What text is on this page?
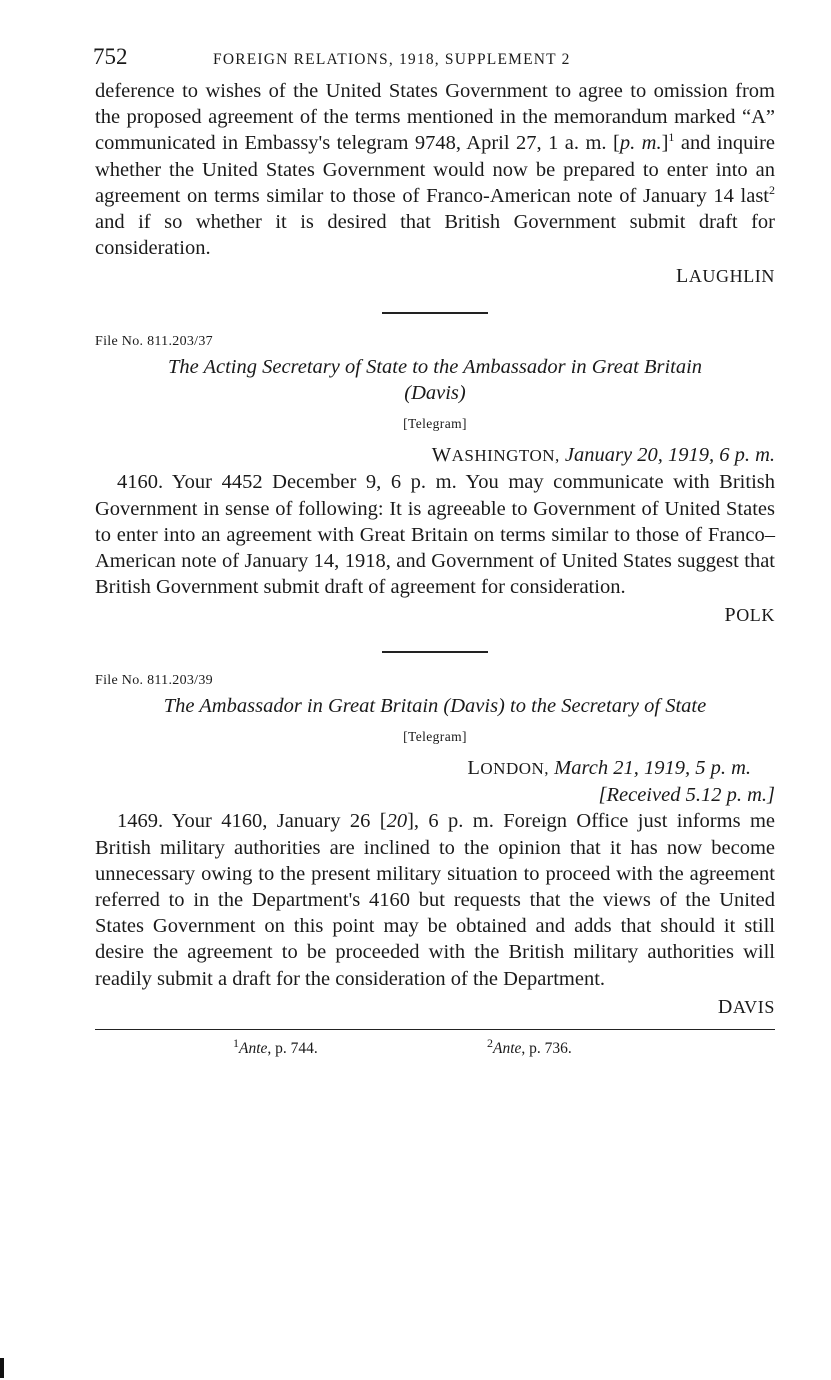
752	FOREIGN RELATIONS, 1918, SUPPLEMENT 2

deference to wishes of the United States Government to agree to omission from the proposed agreement of the terms mentioned in the memorandum marked “A” communicated in Embassy's telegram 9748, April 27, 1 a. m. [p. m.]$^1$ and inquire whether the United States Government would now be prepared to enter into an agreement on terms similar to those of Franco-American note of January 14 last$^2$ and if so whether it is desired that British Government submit draft for consideration.

LAUGHLIN
File No. 811.203/37
The Acting Secretary of State to the Ambassador in Great Britain
(Davis)
[Telegram]
WASHINGTON, January 20, 1919, 6 p. m.

4160. Your 4452 December 9, 6 p. m. You may communicate with British Government in sense of following: It is agreeable to Government of United States to enter into an agreement with Great Britain on terms similar to those of Franco–American note of January 14, 1918, and Government of United States suggest that British Government submit draft of agreement for consideration.

POLK
File No. 811.203/39
The Ambassador in Great Britain (Davis) to the Secretary of State
[Telegram]
LONDON, March 21, 1919, 5 p. m.
[Received 5.12 p. m.]

1469. Your 4160, January 26 [20], 6 p. m. Foreign Office just informs me British military authorities are inclined to the opinion that it has now become unnecessary owing to the present military situation to proceed with the agreement referred to in the Department's 4160 but requests that the views of the United States Government on this point may be obtained and adds that should it still desire the agreement to be proceeded with the British military authorities will readily submit a draft for the consideration of the Department.

DAVIS
$^1$Ante, p. 744.	$^2$Ante, p. 736.
